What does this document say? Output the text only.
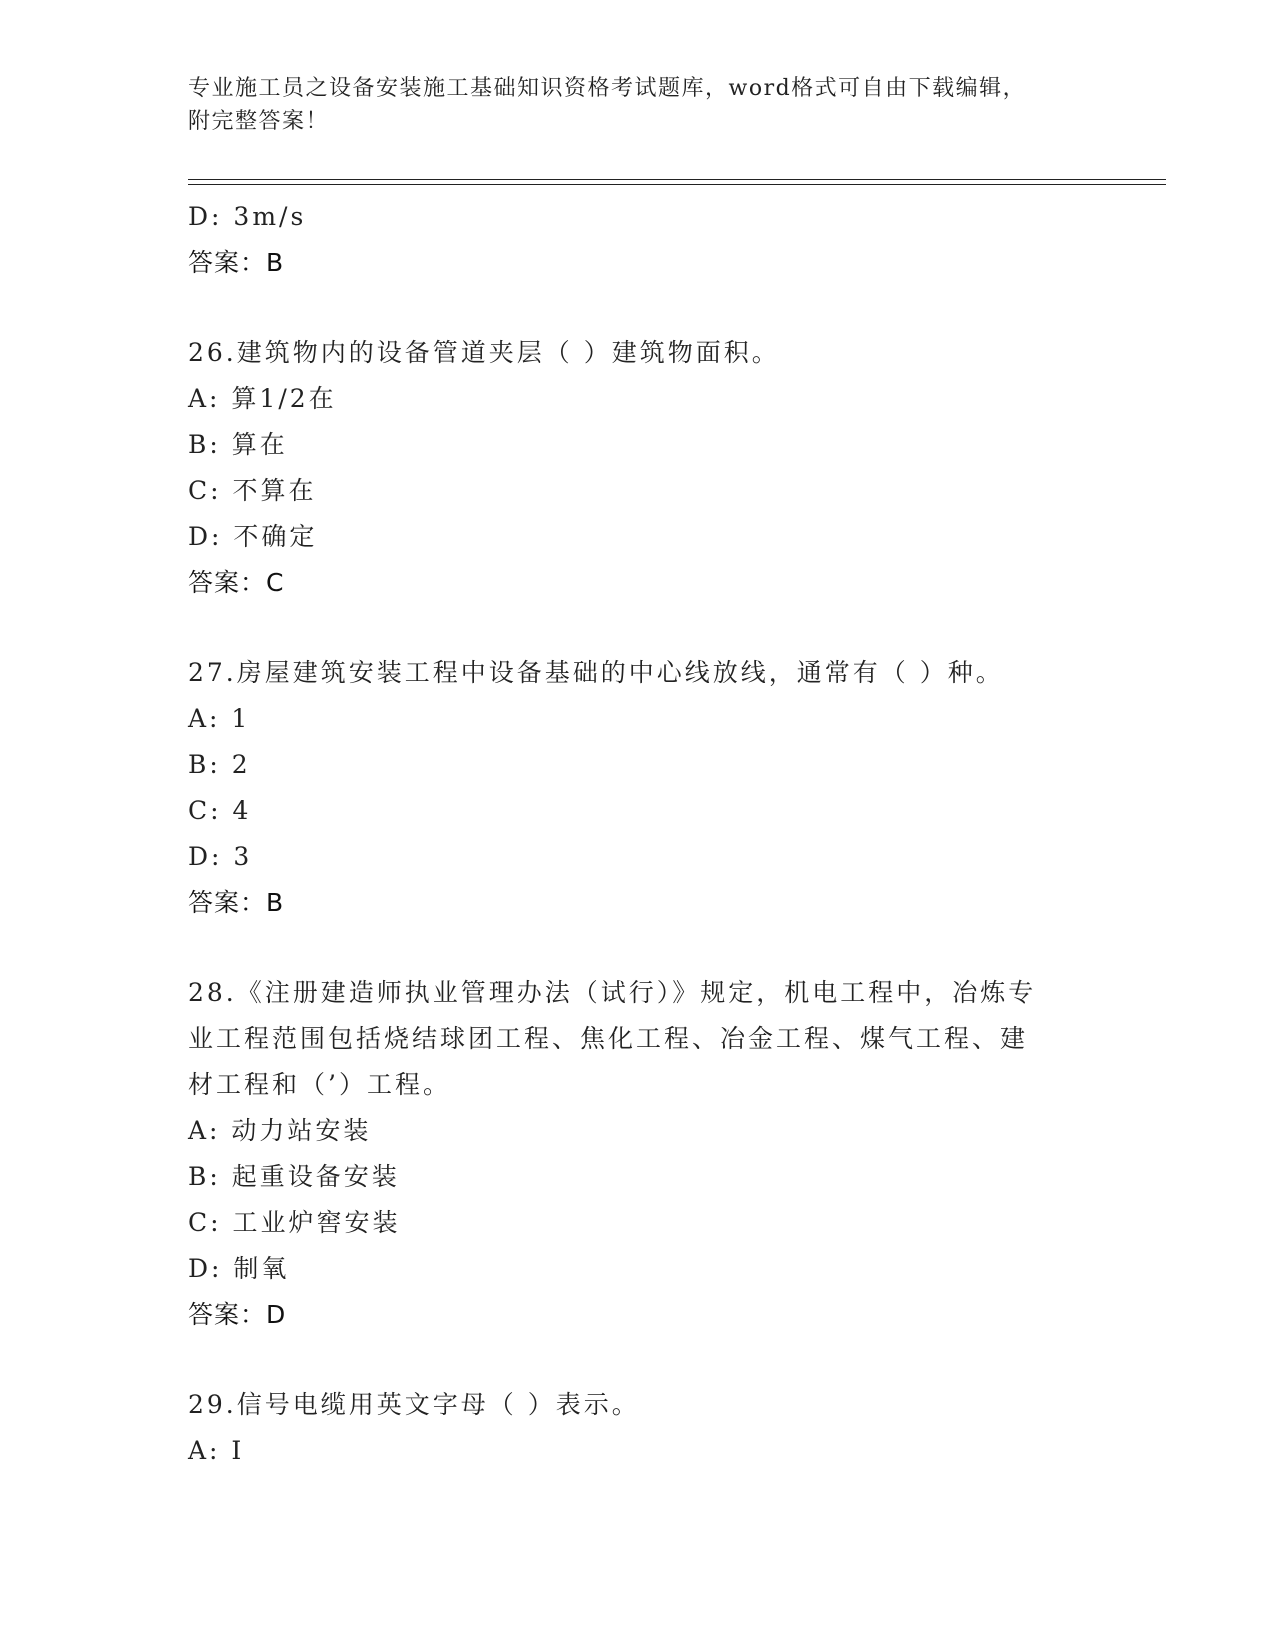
专业施工员之设备安装施工基础知识资格考试题库，word格式可自由下载编辑，
附完整答案！
D: 3m/s
答案：B
26.建筑物内的设备管道夹层（ ）建筑物面积。
A: 算1/2在
B: 算在
C: 不算在
D: 不确定
答案：C
27.房屋建筑安装工程中设备基础的中心线放线，通常有（ ）种。
A: 1
B: 2
C: 4
D: 3
答案：B
28.《注册建造师执业管理办法（试行）》规定，机电工程中，冶炼专
业工程范围包括烧结球团工程、焦化工程、冶金工程、煤气工程、建
材工程和（’）工程。
A: 动力站安装
B: 起重设备安装
C: 工业炉窖安装
D: 制氧
答案：D
29.信号电缆用英文字母（ ）表示。
A: I
